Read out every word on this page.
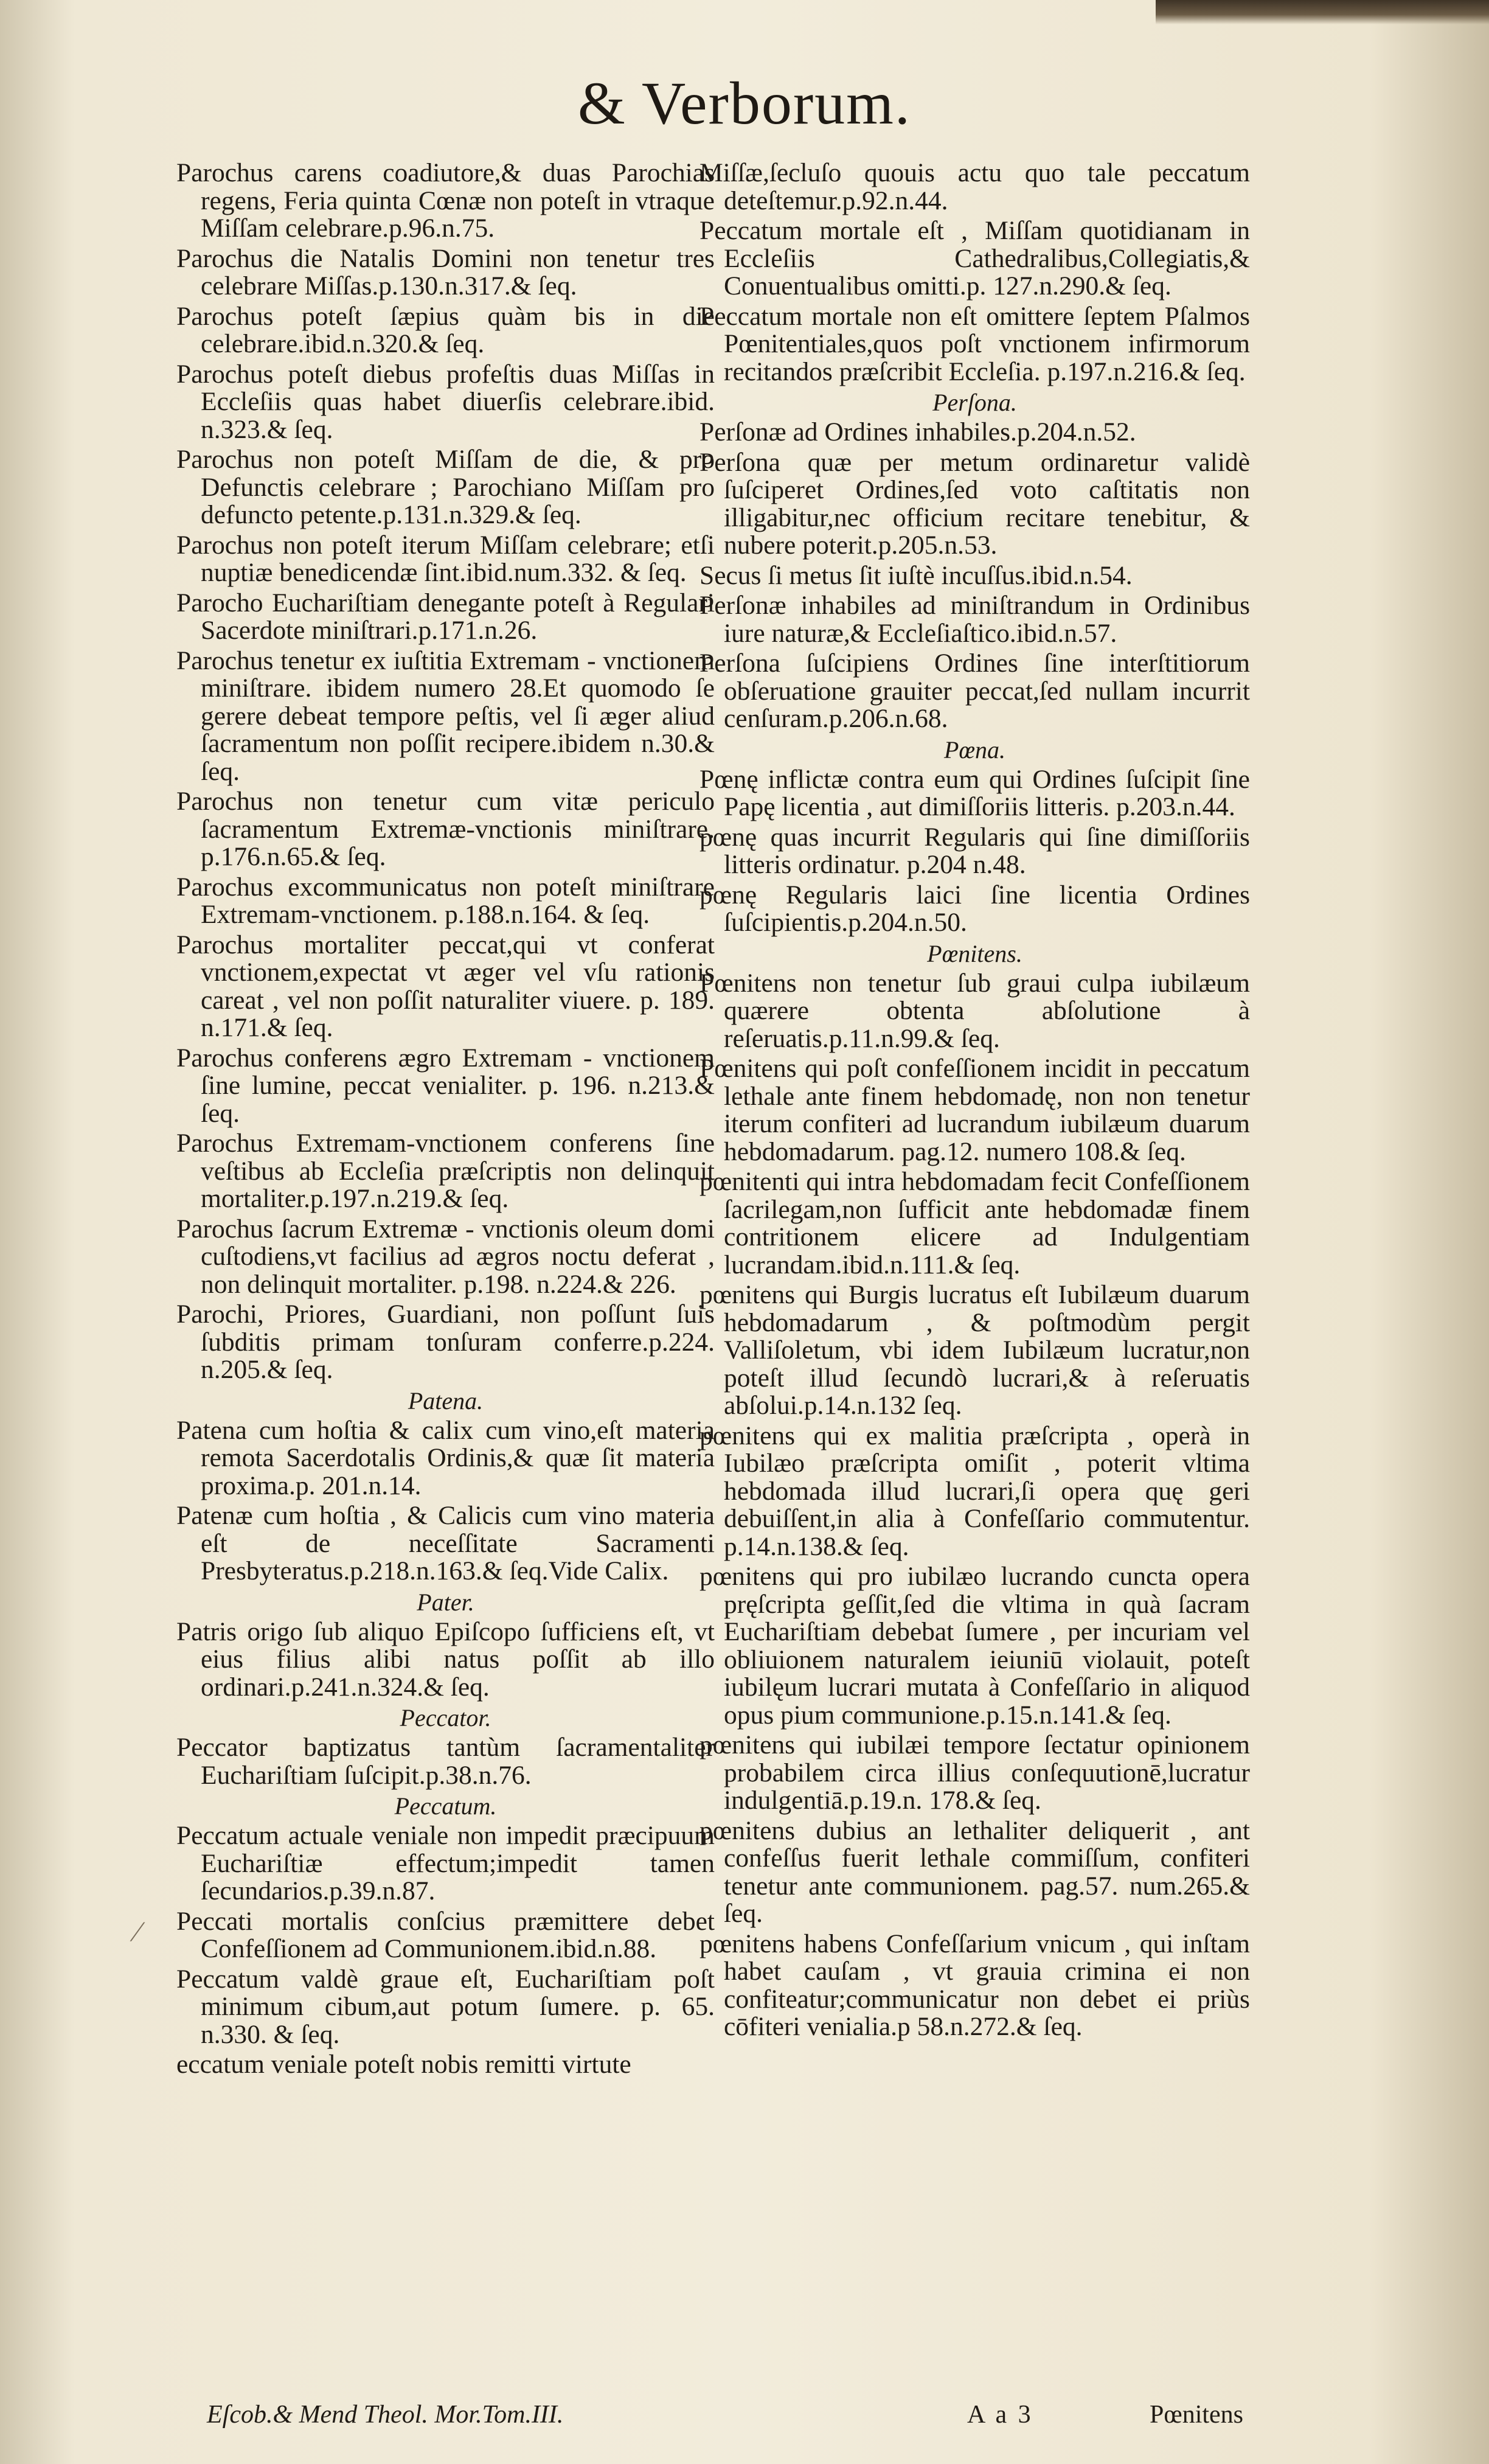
& Verborum.

Parochus carens coadiutore,& duas Parochias regens, Feria quinta Cœnæ non poteſt in vtraque Miſſam celebrare.p.96.n.75.

Parochus die Natalis Domini non tenetur tres celebrare Miſſas.p.130.n.317.& ſeq.

Parochus poteſt ſæpius quàm bis in die celebrare.ibid.n.320.& ſeq.

Parochus poteſt diebus profeſtis duas Miſſas in Eccleſiis quas habet diuerſis celebrare.ibid. n.323.& ſeq.

Parochus non poteſt Miſſam de die, & pro Defunctis celebrare ; Parochiano Miſſam pro defuncto petente.p.131.n.329.& ſeq.

Parochus non poteſt iterum Miſſam celebrare; etſi nuptiæ benedicendæ ſint.ibid.num.332. & ſeq.

Parocho Euchariſtiam denegante poteſt à Regulari Sacerdote miniſtrari.p.171.n.26.

Parochus tenetur ex iuſtitia Extremam - vnctionem miniſtrare. ibidem numero 28.Et quomodo ſe gerere debeat tempore peſtis, vel ſi æger aliud ſacramentum non poſſit recipere.ibidem n.30.& ſeq.

Parochus non tenetur cum vitæ periculo ſacramentum Extremæ-vnctionis miniſtrare. p.176.n.65.& ſeq.

Parochus excommunicatus non poteſt miniſtrare Extremam-vnctionem. p.188.n.164. & ſeq.

Parochus mortaliter peccat,qui vt conferat vnctionem,expectat vt æger vel vſu rationis careat , vel non poſſit naturaliter viuere. p. 189. n.171.& ſeq.

Parochus conferens ægro Extremam - vnctionem ſine lumine, peccat venialiter. p. 196. n.213.& ſeq.

Parochus Extremam-vnctionem conferens ſine veſtibus ab Eccleſia præſcriptis non delinquit mortaliter.p.197.n.219.& ſeq.

Parochus ſacrum Extremæ - vnctionis oleum domi cuſtodiens,vt facilius ad ægros noctu deferat , non delinquit mortaliter. p.198. n.224.& 226.

Parochi, Priores, Guardiani, non poſſunt ſuis ſubditis primam tonſuram conferre.p.224. n.205.& ſeq.

Patena.

Patena cum hoſtia & calix cum vino,eſt materia remota Sacerdotalis Ordinis,& quæ ſit materia proxima.p. 201.n.14.

Patenæ cum hoſtia , & Calicis cum vino materia eſt de neceſſitate Sacramenti Presbyteratus.p.218.n.163.& ſeq.Vide Calix.

Pater.

Patris origo ſub aliquo Epiſcopo ſufficiens eſt, vt eius filius alibi natus poſſit ab illo ordinari.p.241.n.324.& ſeq.

Peccator.

Peccator baptizatus tantùm ſacramentaliter Euchariſtiam ſuſcipit.p.38.n.76.

Peccatum.

Peccatum actuale veniale non impedit præcipuum Euchariſtiæ effectum;impedit tamen ſecundarios.p.39.n.87.

Peccati mortalis conſcius præmittere debet Confeſſionem ad Communionem.ibid.n.88.

Peccatum valdè graue eſt, Euchariſtiam poſt minimum cibum,aut potum ſumere. p. 65. n.330. & ſeq.

eccatum veniale poteſt nobis remitti virtute

Miſſæ,ſecluſo quouis actu quo tale peccatum deteſtemur.p.92.n.44.

Peccatum mortale eſt , Miſſam quotidianam in Eccleſiis Cathedralibus,Collegiatis,& Conuentualibus omitti.p. 127.n.290.& ſeq.

Peccatum mortale non eſt omittere ſeptem Pſalmos Pœnitentiales,quos poſt vnctionem infirmorum recitandos præſcribit Eccleſia. p.197.n.216.& ſeq.

Perſona.

Perſonæ ad Ordines inhabiles.p.204.n.52.

Perſona quæ per metum ordinaretur validè ſuſciperet Ordines,ſed voto caſtitatis non illigabitur,nec officium recitare tenebitur, & nubere poterit.p.205.n.53.

Secus ſi metus ſit iuſtè incuſſus.ibid.n.54.

Perſonæ inhabiles ad miniſtrandum in Ordinibus iure naturæ,& Eccleſiaſtico.ibid.n.57.

Perſona ſuſcipiens Ordines ſine interſtitiorum obſeruatione grauiter peccat,ſed nullam incurrit cenſuram.p.206.n.68.

Pœna.

Pœnę inflictæ contra eum qui Ordines ſuſcipit ſine Papę licentia , aut dimiſſoriis litteris. p.203.n.44.

pœnę quas incurrit Regularis qui ſine dimiſſoriis litteris ordinatur. p.204 n.48.

pœnę Regularis laici ſine licentia Ordines ſuſcipientis.p.204.n.50.

Pœnitens.

Pœnitens non tenetur ſub graui culpa iubilæum quærere obtenta abſolutione à reſeruatis.p.11.n.99.& ſeq.

Pœnitens qui poſt confeſſionem incidit in peccatum lethale ante finem hebdomadę, non non tenetur iterum confiteri ad lucrandum iubilæum duarum hebdomadarum. pag.12. numero 108.& ſeq.

pœnitenti qui intra hebdomadam fecit Confeſſionem ſacrilegam,non ſufficit ante hebdomadæ finem contritionem elicere ad Indulgentiam lucrandam.ibid.n.111.& ſeq.

pœnitens qui Burgis lucratus eſt Iubilæum duarum hebdomadarum , & poſtmodùm pergit Valliſoletum, vbi idem Iubilæum lucratur,non poteſt illud ſecundò lucrari,& à reſeruatis abſolui.p.14.n.132 ſeq.

pœnitens qui ex malitia præſcripta , operà in Iubilæo præſcripta omiſit , poterit vltima hebdomada illud lucrari,ſi opera quę geri debuiſſent,in alia à Confeſſario commutentur. p.14.n.138.& ſeq.

pœnitens qui pro iubilæo lucrando cuncta opera pręſcripta geſſit,ſed die vltima in quà ſacram Euchariſtiam debebat ſumere , per incuriam vel obliuionem naturalem ieiuniū violauit, poteſt iubilęum lucrari mutata à Confeſſario in aliquod opus pium communione.p.15.n.141.& ſeq.

pœnitens qui iubilæi tempore ſectatur opinionem probabilem circa illius conſequutionē,lucratur indulgentiā.p.19.n. 178.& ſeq.

pœnitens dubius an lethaliter deliquerit , ant confeſſus fuerit lethale commiſſum, confiteri tenetur ante communionem. pag.57. num.265.& ſeq.

pœnitens habens Confeſſarium vnicum , qui inſtam habet cauſam , vt grauia crimina ei non confiteatur;communicatur non debet ei priùs cōfiteri venialia.p 58.n.272.& ſeq.

⁄
Eſcob.& Mend Theol. Mor.Tom.III.	A a 3	Pœnitens
